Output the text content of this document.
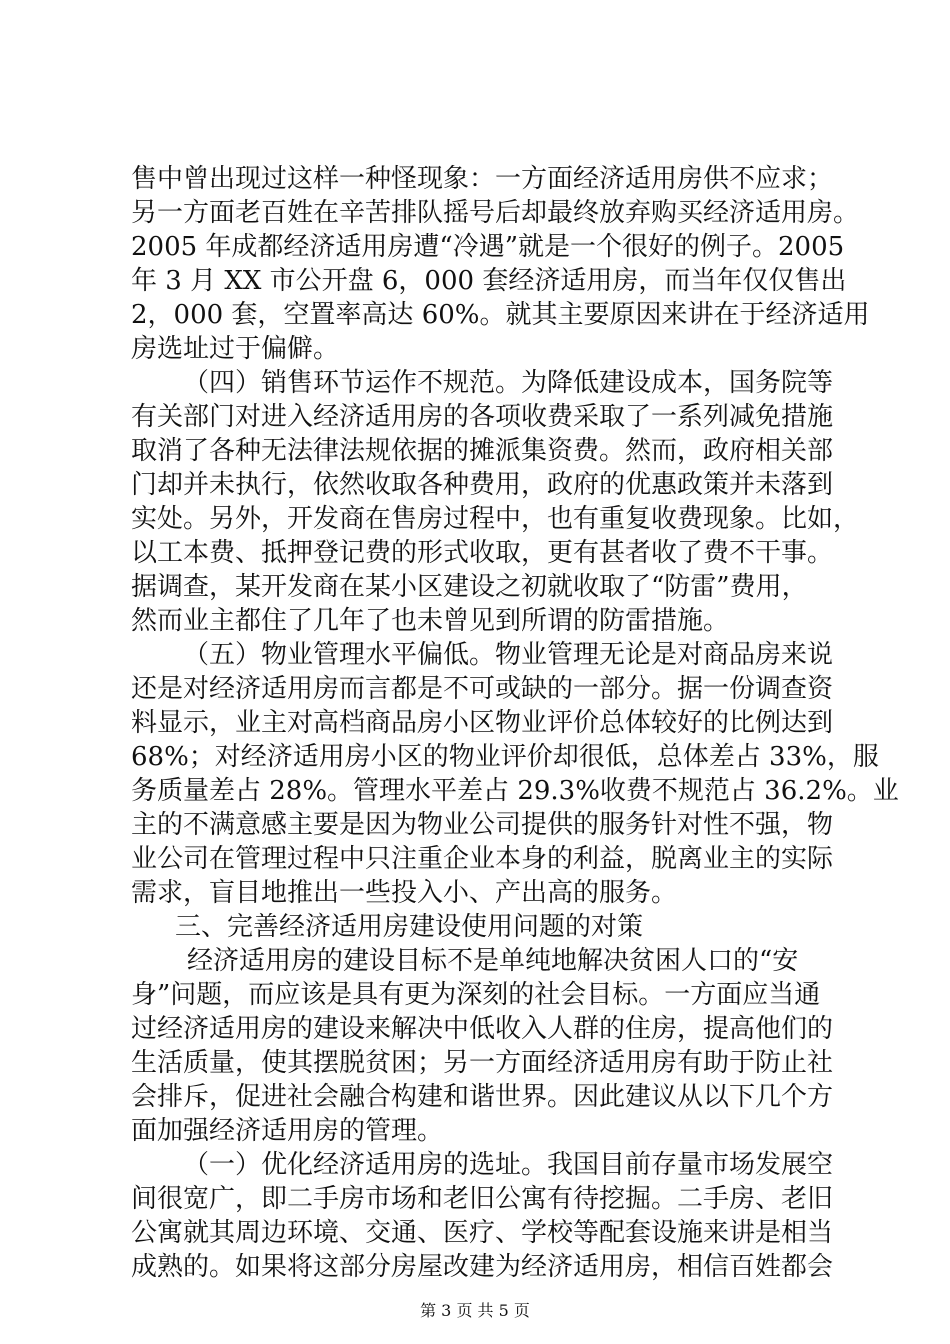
售中曾出现过这样一种怪现象：一方面经济适用房供不应求；
另一方面老百姓在辛苦排队摇号后却最终放弃购买经济适用房。
2005 年成都经济适用房遭“冷遇”就是一个很好的例子。2005
年 3 月 XX 市公开盘 6，000 套经济适用房，而当年仅仅售出
2，000 套，空置率高达 60%。就其主要原因来讲在于经济适用
房选址过于偏僻。
（四）销售环节运作不规范。为降低建设成本，国务院等
有关部门对进入经济适用房的各项收费采取了一系列减免措施
取消了各种无法律法规依据的摊派集资费。然而，政府相关部
门却并未执行，依然收取各种费用，政府的优惠政策并未落到
实处。另外，开发商在售房过程中，也有重复收费现象。比如，
以工本费、抵押登记费的形式收取，更有甚者收了费不干事。
据调查，某开发商在某小区建设之初就收取了“防雷”费用，
然而业主都住了几年了也未曾见到所谓的防雷措施。
（五）物业管理水平偏低。物业管理无论是对商品房来说
还是对经济适用房而言都是不可或缺的一部分。据一份调查资
料显示，业主对高档商品房小区物业评价总体较好的比例达到
68%；对经济适用房小区的物业评价却很低，总体差占 33%，服
务质量差占 28%。管理水平差占 29.3%收费不规范占 36.2%。业
主的不满意感主要是因为物业公司提供的服务针对性不强，物
业公司在管理过程中只注重企业本身的利益，脱离业主的实际
需求，盲目地推出一些投入小、产出高的服务。
三、完善经济适用房建设使用问题的对策
经济适用房的建设目标不是单纯地解决贫困人口的“安
身”问题，而应该是具有更为深刻的社会目标。一方面应当通
过经济适用房的建设来解决中低收入人群的住房，提高他们的
生活质量，使其摆脱贫困；另一方面经济适用房有助于防止社
会排斥，促进社会融合构建和谐世界。因此建议从以下几个方
面加强经济适用房的管理。
（一）优化经济适用房的选址。我国目前存量市场发展空
间很宽广，即二手房市场和老旧公寓有待挖掘。二手房、老旧
公寓就其周边环境、交通、医疗、学校等配套设施来讲是相当
成熟的。如果将这部分房屋改建为经济适用房，相信百姓都会
第 3 页 共 5 页
